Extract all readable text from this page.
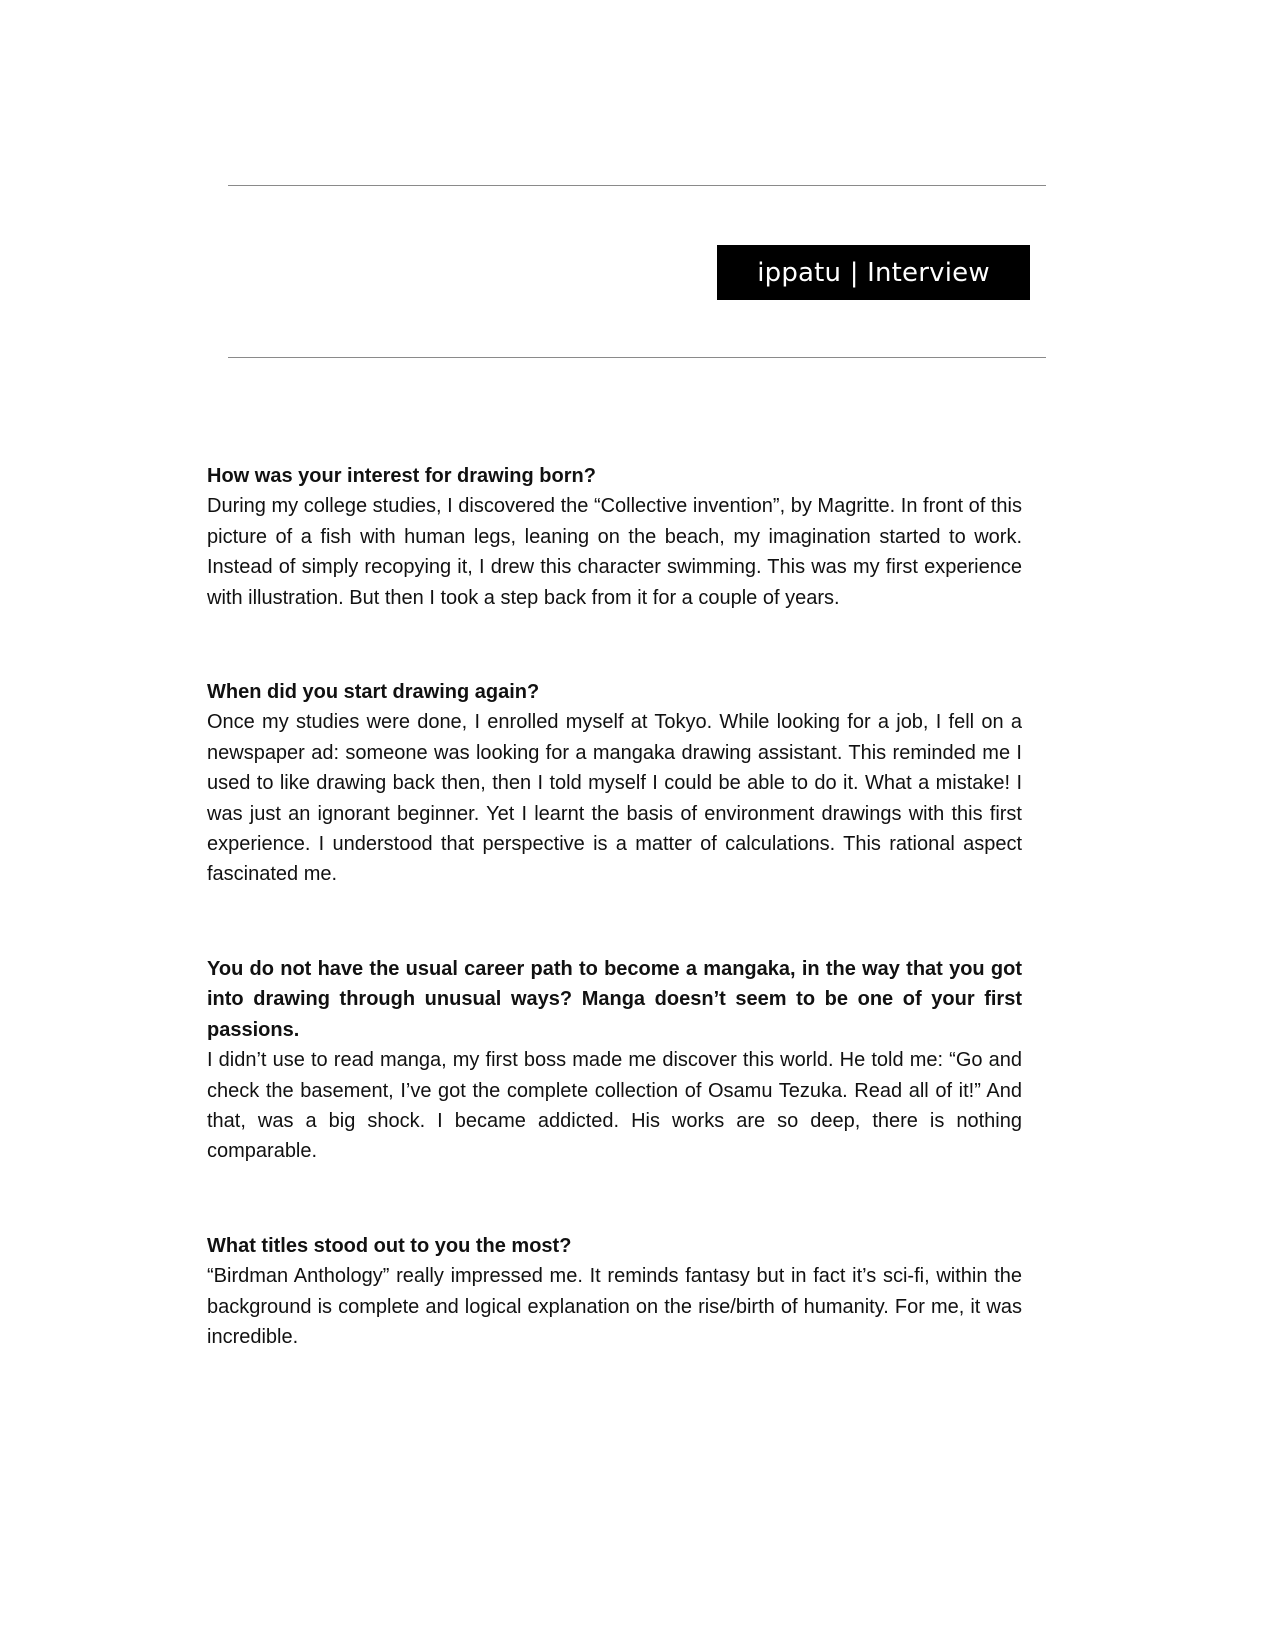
ippatu | Interview

How was your interest for drawing born?

During my college studies, I discovered the “Collective invention”, by Magritte. In front of this picture of a fish with human legs, leaning on the beach, my imagination started to work. Instead of simply recopying it, I drew this character swimming. This was my first experience with illustration. But then I took a step back from it for a couple of years.

When did you start drawing again?

Once my studies were done, I enrolled myself at Tokyo. While looking for a job, I fell on a newspaper ad: someone was looking for a mangaka drawing assistant. This reminded me I used to like drawing back then, then I told myself I could be able to do it. What a mistake! I was just an ignorant beginner. Yet I learnt the basis of environment drawings with this first experience. I understood that perspective is a matter of calculations. This rational aspect fascinated me.

You do not have the usual career path to become a mangaka, in the way that you got into drawing through unusual ways? Manga doesn’t seem to be one of your first passions.

I didn’t use to read manga, my first boss made me discover this world. He told me: “Go and check the basement, I’ve got the complete collection of Osamu Tezuka. Read all of it!” And that, was a big shock. I became addicted. His works are so deep, there is nothing comparable.

What titles stood out to you the most?

“Birdman Anthology” really impressed me. It reminds fantasy but in fact it’s sci-fi, within the background is complete and logical explanation on the rise/birth of humanity. For me, it was incredible.
